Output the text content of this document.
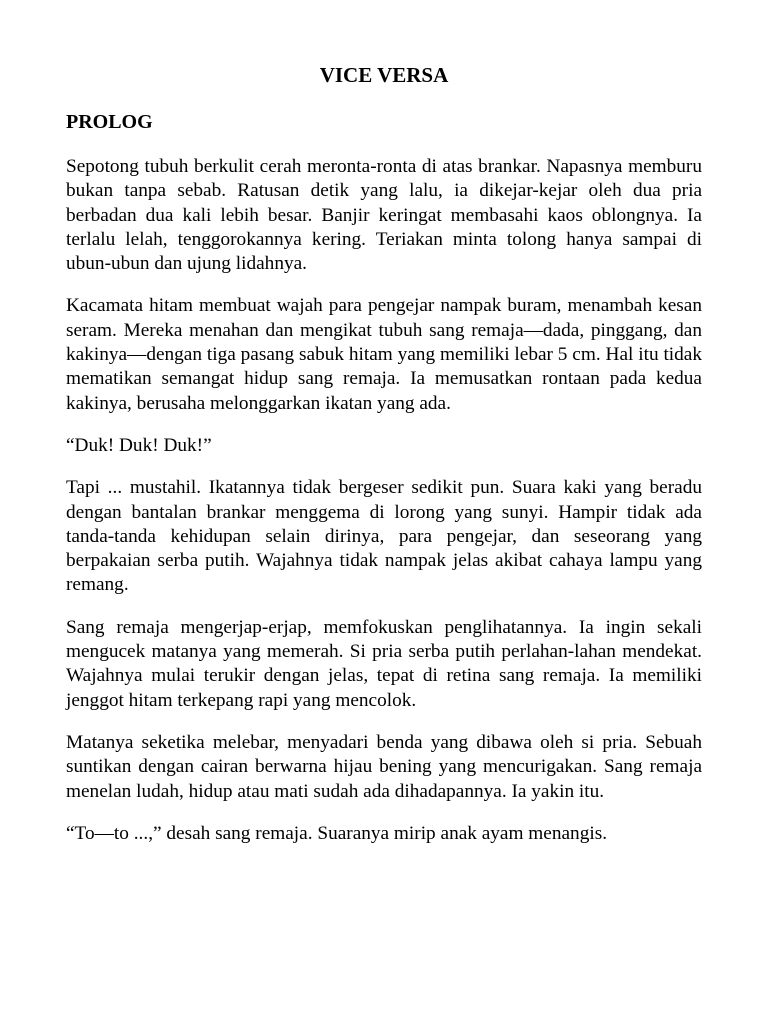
VICE VERSA
PROLOG

Sepotong tubuh berkulit cerah meronta-ronta di atas brankar. Napasnya memburu bukan tanpa sebab. Ratusan detik yang lalu, ia dikejar-kejar oleh dua pria berbadan dua kali lebih besar. Banjir keringat membasahi kaos oblongnya. Ia terlalu lelah, tenggorokannya kering. Teriakan minta tolong hanya sampai di ubun-ubun dan ujung lidahnya.

Kacamata hitam membuat wajah para pengejar nampak buram, menambah kesan seram. Mereka menahan dan mengikat tubuh sang remaja—dada, pinggang, dan kakinya—dengan tiga pasang sabuk hitam yang memiliki lebar 5 cm. Hal itu tidak mematikan semangat hidup sang remaja. Ia memusatkan rontaan pada kedua kakinya, berusaha melonggarkan ikatan yang ada.

“Duk! Duk! Duk!”

Tapi ... mustahil. Ikatannya tidak bergeser sedikit pun. Suara kaki yang beradu dengan bantalan brankar menggema di lorong yang sunyi. Hampir tidak ada tanda-tanda kehidupan selain dirinya, para pengejar, dan seseorang yang berpakaian serba putih. Wajahnya tidak nampak jelas akibat cahaya lampu yang remang.

Sang remaja mengerjap-erjap, memfokuskan penglihatannya. Ia ingin sekali mengucek matanya yang memerah. Si pria serba putih perlahan-lahan mendekat. Wajahnya mulai terukir dengan jelas, tepat di retina sang remaja. Ia memiliki jenggot hitam terkepang rapi yang mencolok.

Matanya seketika melebar, menyadari benda yang dibawa oleh si pria. Sebuah suntikan dengan cairan berwarna hijau bening yang mencurigakan. Sang remaja menelan ludah, hidup atau mati sudah ada dihadapannya. Ia yakin itu.

“To—to ...,” desah sang remaja. Suaranya mirip anak ayam menangis.
